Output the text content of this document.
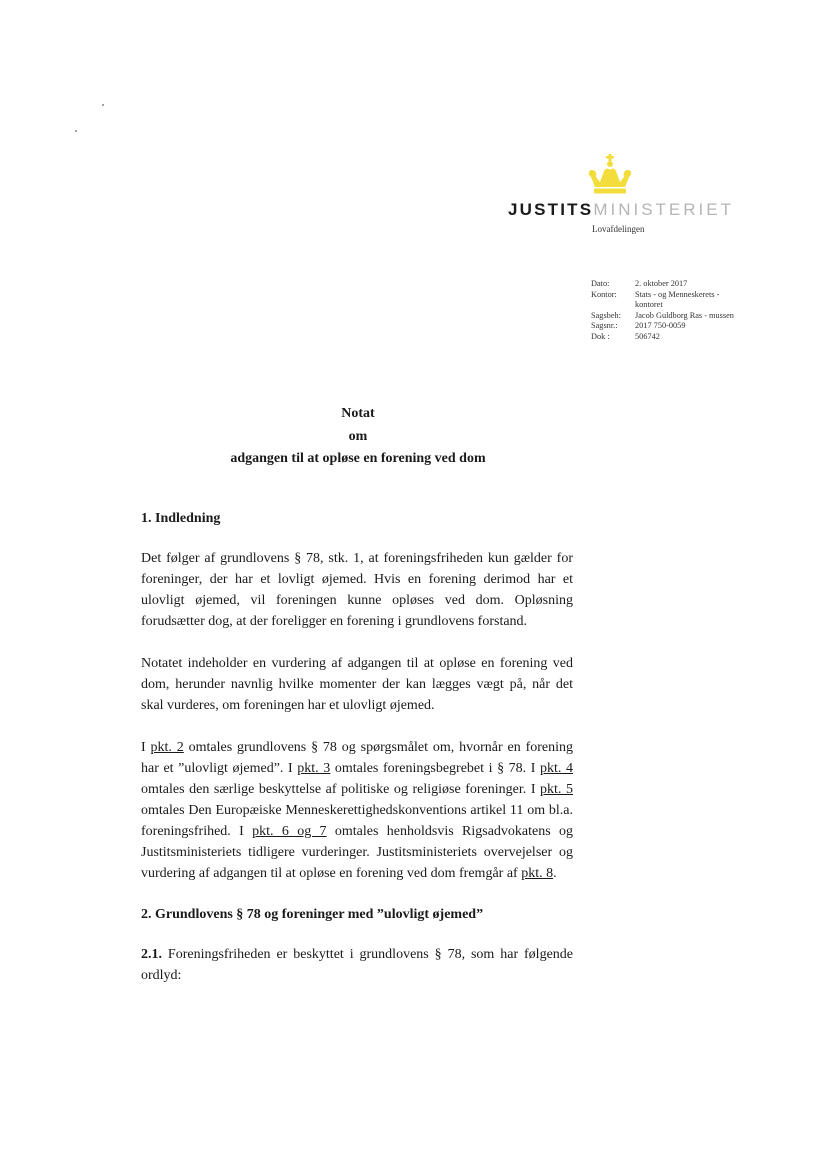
JUSTITSMINISTERIET
Lovafdelingen
Dato:	2. oktober 2017
Kontor:	Stats - og Menneskerets - kontoret
Sagsbeh:	Jacob Guldborg Ras - mussen
Sagsnr.:	2017 750-0059
Dok :	506742
Notat
om
adgangen til at opløse en forening ved dom

1. Indledning

Det følger af grundlovens § 78, stk. 1, at foreningsfriheden kun gælder for foreninger, der har et lovligt øjemed. Hvis en forening derimod har et ulovligt øjemed, vil foreningen kunne opløses ved dom. Opløsning forudsætter dog, at der foreligger en forening i grundlovens forstand.

Notatet indeholder en vurdering af adgangen til at opløse en forening ved dom, herunder navnlig hvilke momenter der kan lægges vægt på, når det skal vurderes, om foreningen har et ulovligt øjemed.

I pkt. 2 omtales grundlovens § 78 og spørgsmålet om, hvornår en forening har et ”ulovligt øjemed”. I pkt. 3 omtales foreningsbegrebet i § 78. I pkt. 4 omtales den særlige beskyttelse af politiske og religiøse foreninger. I pkt. 5 omtales Den Europæiske Menneskerettighedskonventions artikel 11 om bl.a. foreningsfrihed. I pkt. 6 og 7 omtales henholdsvis Rigsadvokatens og Justitsministeriets tidligere vurderinger. Justitsministeriets overvejelser og vurdering af adgangen til at opløse en forening ved dom fremgår af pkt. 8.

2. Grundlovens § 78 og foreninger med ”ulovligt øjemed”

2.1. Foreningsfriheden er beskyttet i grundlovens § 78, som har følgende ordlyd:
